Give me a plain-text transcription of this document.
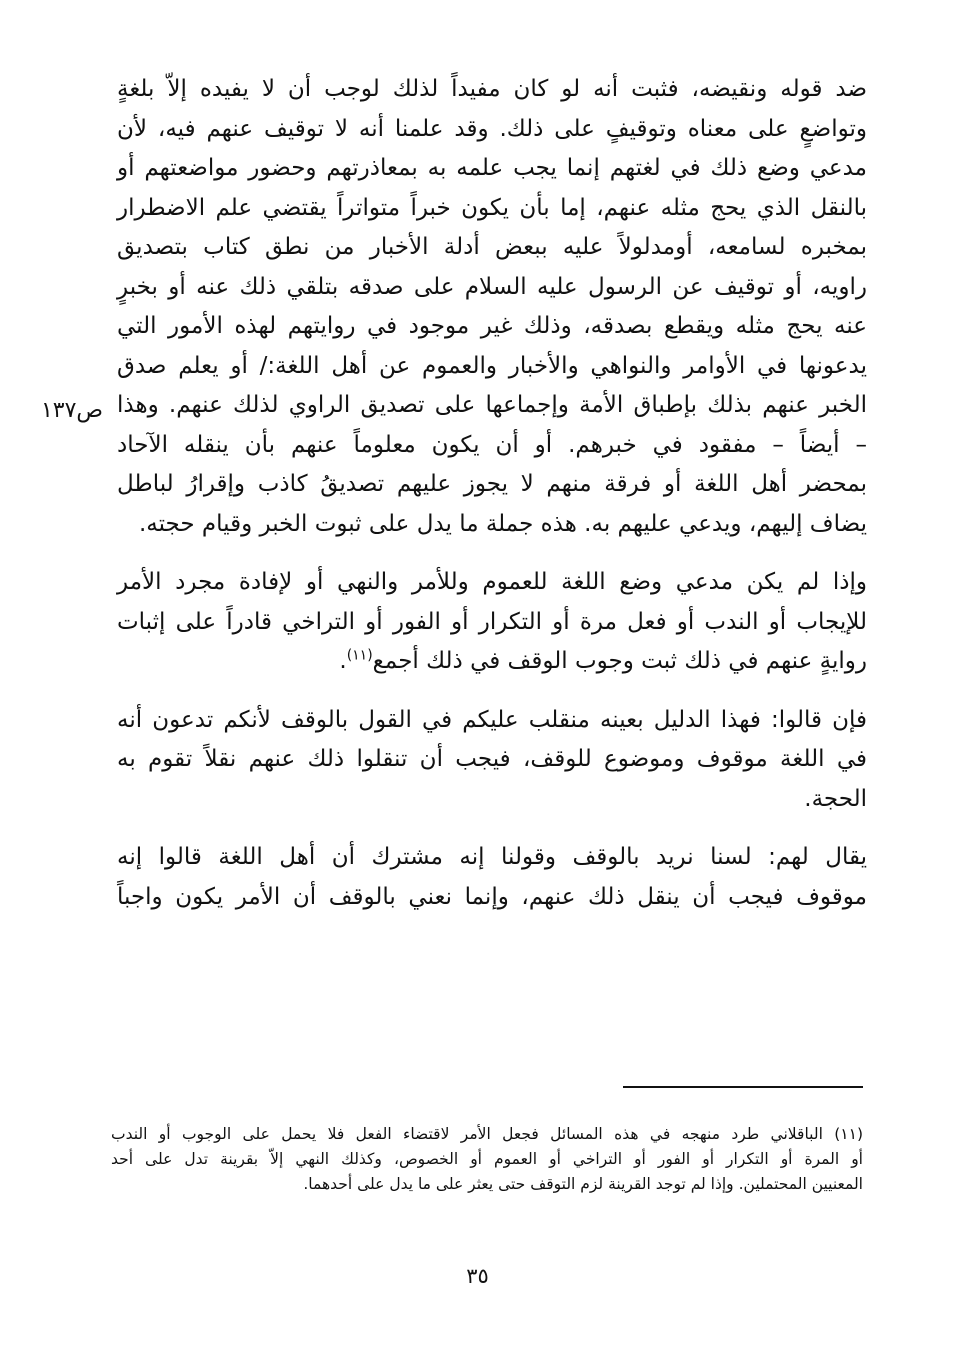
ضد قوله ونقيضه، فثبت أنه لو كان مفيداً لذلك لوجب أن لا يفيده إلاّ بلغةٍ
وتواضعٍ على معناه وتوقيفٍ على ذلك. وقد علمنا أنه لا توقيف عنهم فيه، لأن
مدعي وضع ذلك في لغتهم إنما يجب علمه به بمعاذرتهم وحضور مواضعتهم أو
بالنقل الذي يحج مثله عنهم، إما بأن يكون خبراً متواتراً يقتضي علم الاضطرار
بمخبره لسامعه، أومدلولاً عليه ببعض أدلة الأخبار من نطق كتاب بتصديق
راويه، أو توقيف عن الرسول عليه السلام على صدقه بتلقي ذلك عنه أو بخبرٍ
عنه يحج مثله ويقطع بصدقه، وذلك غير موجود في روايتهم لهذه الأمور التي
يدعونها في الأوامر والنواهي والأخبار والعموم عن أهل اللغة:/ أو يعلم صدق
الخبر عنهم بذلك بإطباق الأمة وإجماعها على تصديق الراوي لذلك عنهم. وهذا
– أيضاً – مفقود في خبرهم. أو أن يكون معلوماً عنهم بأن ينقله الآحاد
بمحضر أهل اللغة أو فرقة منهم لا يجوز عليهم تصديقُ كاذب وإقرارُ لباطل
يضاف إليهم، ويدعي عليهم به. هذه جملة ما يدل على ثبوت الخبر وقيام حجته.
وإذا لم يكن مدعي وضع اللغة للعموم وللأمر والنهي أو لإفادة مجرد الأمر
للإيجاب أو الندب أو فعل مرة أو التكرار أو الفور أو التراخي قادراً على إثبات
روايةٍ عنهم في ذلك ثبت وجوب الوقف في ذلك أجمع$^{(١١)}$.
فإن قالوا: فهذا الدليل بعينه منقلب عليكم في القول بالوقف لأنكم تدعون أنه
في اللغة موقوف وموضوع للوقف، فيجب أن تنقلوا ذلك عنهم نقلاً تقوم به
الحجة.
يقال لهم: لسنا نريد بالوقف وقولنا إنه مشترك أن أهل اللغة قالوا إنه
موقوف فيجب أن ينقل ذلك عنهم، وإنما نعني بالوقف أن الأمر يكون واجباً
ص١٣٧
(١١) الباقلاني طرد منهجه في هذه المسائل فجعل الأمر لاقتضاء الفعل فلا يحمل على الوجوب أو الندب
أو المرة أو التكرار أو الفور أو التراخي أو العموم أو الخصوص، وكذلك النهي إلاّ بقرينة تدل على أحد
المعنيين المحتملين. وإذا لم توجد القرينة لزم التوقف حتى يعثر على ما يدل على أحدهما.
٣٥
